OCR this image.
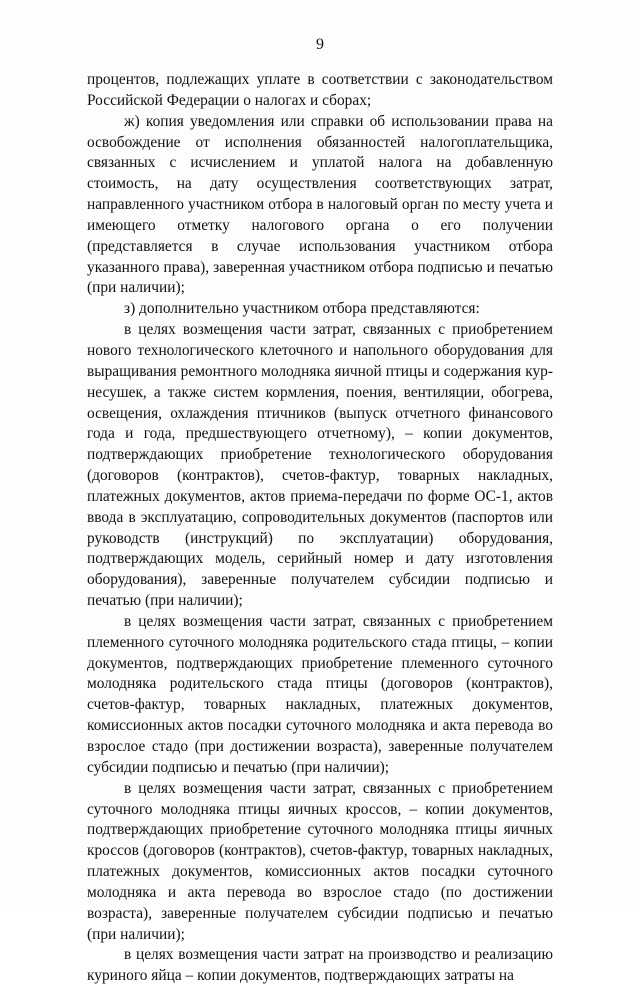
9

процентов, подлежащих уплате в соответствии с законодательством Российской Федерации о налогах и сборах;

ж) копия уведомления или справки об использовании права на освобождение от исполнения обязанностей налогоплательщика, связанных с исчислением и уплатой налога на добавленную стоимость, на дату осуществления соответствующих затрат, направленного участником отбора в налоговый орган по месту учета и имеющего отметку налогового органа о его получении (представляется в случае использования участником отбора указанного права), заверенная участником отбора подписью и печатью (при наличии);

з) дополнительно участником отбора представляются:

в целях возмещения части затрат, связанных с приобретением нового технологического клеточного и напольного оборудования для выращивания ремонтного молодняка яичной птицы и содержания кур-несушек, а также систем кормления, поения, вентиляции, обогрева, освещения, охлаждения птичников (выпуск отчетного финансового года и года, предшествующего отчетному), – копии документов, подтверждающих приобретение технологического оборудования (договоров (контрактов), счетов-фактур, товарных накладных, платежных документов, актов приема-передачи по форме ОС-1, актов ввода в эксплуатацию, сопроводительных документов (паспортов или руководств (инструкций) по эксплуатации) оборудования, подтверждающих модель, серийный номер и дату изготовления оборудования), заверенные получателем субсидии подписью и печатью (при наличии);

в целях возмещения части затрат, связанных с приобретением племенного суточного молодняка родительского стада птицы, – копии документов, подтверждающих приобретение племенного суточного молодняка родительского стада птицы (договоров (контрактов), счетов-фактур, товарных накладных, платежных документов, комиссионных актов посадки суточного молодняка и акта перевода во взрослое стадо (при достижении возраста), заверенные получателем субсидии подписью и печатью (при наличии);

в целях возмещения части затрат, связанных с приобретением суточного молодняка птицы яичных кроссов, – копии документов, подтверждающих приобретение суточного молодняка птицы яичных кроссов (договоров (контрактов), счетов-фактур, товарных накладных, платежных документов, комиссионных актов посадки суточного молодняка и акта перевода во взрослое стадо (по достижении возраста), заверенные получателем субсидии подписью и печатью (при наличии);

в целях возмещения части затрат на производство и реализацию куриного яйца – копии документов, подтверждающих затраты на
